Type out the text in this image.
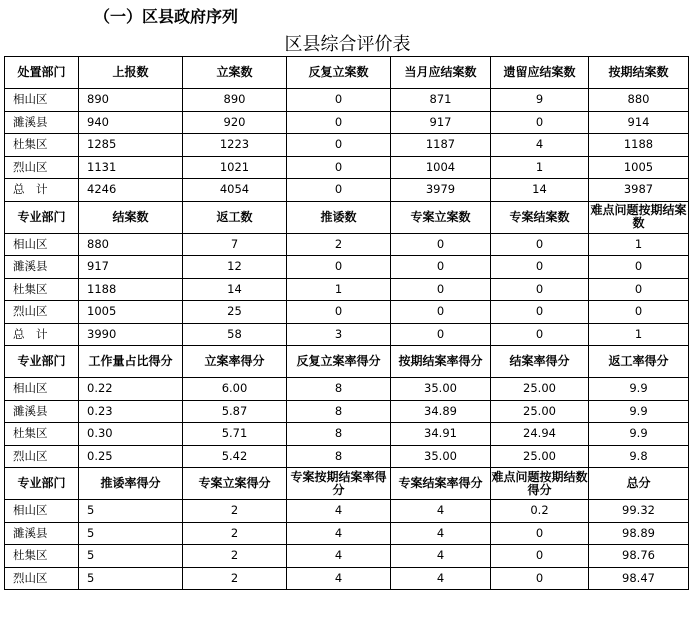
（一）区县政府序列
区县综合评价表
处置部门	上报数	立案数	反复立案数	当月应结案数	遗留应结案数	按期结案数
相山区	890	890	0	871	9	880
濉溪县	940	920	0	917	0	914
杜集区	1285	1223	0	1187	4	1188
烈山区	1131	1021	0	1004	1	1005
总　计	4246	4054	0	3979	14	3987
专业部门	结案数	返工数	推诿数	专案立案数	专案结案数	难点问题按期结案数
相山区	880	7	2	0	0	1
濉溪县	917	12	0	0	0	0
杜集区	1188	14	1	0	0	0
烈山区	1005	25	0	0	0	0
总　计	3990	58	3	0	0	1
专业部门	工作量占比得分	立案率得分	反复立案率得分	按期结案率得分	结案率得分	返工率得分
相山区	0.22	6.00	8	35.00	25.00	9.9
濉溪县	0.23	5.87	8	34.89	25.00	9.9
杜集区	0.30	5.71	8	34.91	24.94	9.9
烈山区	0.25	5.42	8	35.00	25.00	9.8
专业部门	推诿率得分	专案立案得分	专案按期结案率得分	专案结案率得分	难点问题按期结数得分	总分
相山区	5	2	4	4	0.2	99.32
濉溪县	5	2	4	4	0	98.89
杜集区	5	2	4	4	0	98.76
烈山区	5	2	4	4	0	98.47
